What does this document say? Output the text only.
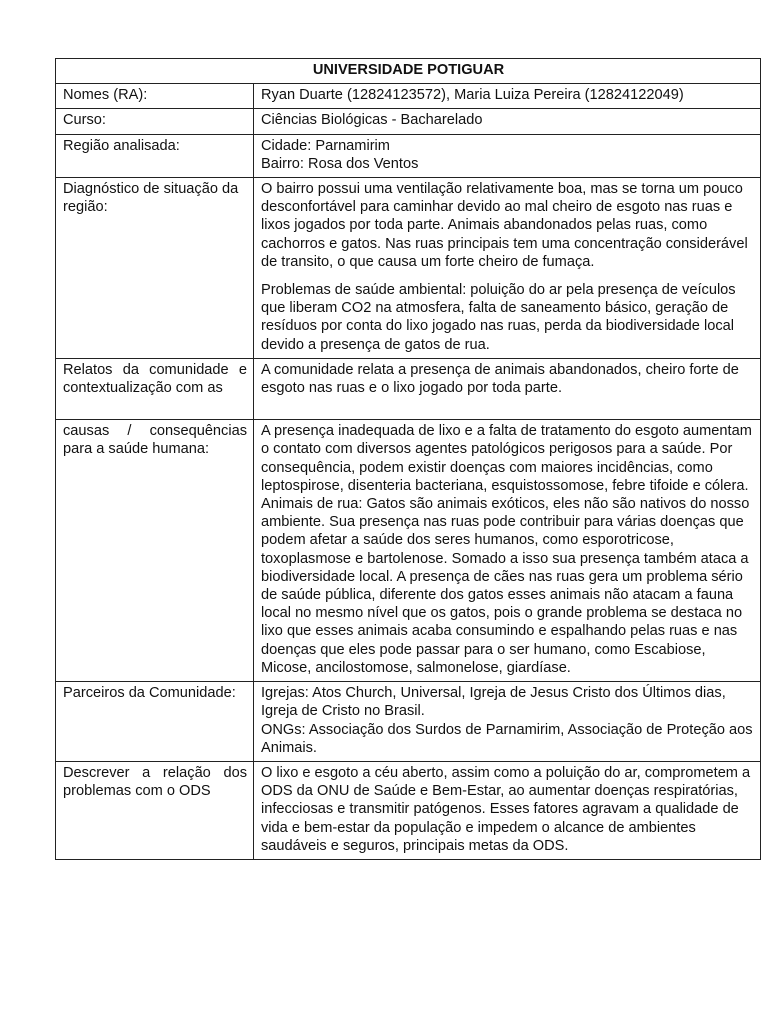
UNIVERSIDADE POTIGUAR	
Nomes (RA):	Ryan Duarte (12824123572), Maria Luiza Pereira (12824122049)
Curso:	Ciências Biológicas - Bacharelado
Região analisada:	Cidade: Parnamirim
Bairro: Rosa dos Ventos

Diagnóstico de situação da região:	O bairro possui uma ventilação relativamente boa, mas se torna um pouco desconfortável para caminhar devido ao mal cheiro de esgoto nas ruas e lixos jogados por toda parte. Animais abandonados pelas ruas, como cachorros e gatos. Nas ruas principais tem uma concentração considerável de transito, o que causa um forte cheiro de fumaça.
Problemas de saúde ambiental: poluição do ar pela presença de veículos que liberam CO2 na atmosfera, falta de saneamento básico, geração de resíduos por conta do lixo jogado nas ruas, perda da biodiversidade local devido a presença de gatos de rua.

Relatos da comunidade e
contextualização com as	A comunidade relata a presença de animais abandonados, cheiro forte de esgoto nas ruas e o lixo jogado por toda parte.

causas / consequências
para a saúde humana:	A presença inadequada de lixo e a falta de tratamento do esgoto aumentam o contato com diversos agentes patológicos perigosos para a saúde. Por consequência, podem existir doenças com maiores incidências, como leptospirose, disenteria bacteriana, esquistossomose, febre tifoide e cólera. Animais de rua: Gatos são animais exóticos, eles não são nativos do nosso ambiente. Sua presença nas ruas pode contribuir para várias doenças que podem afetar a saúde dos seres humanos, como esporotricose, toxoplasmose e bartolenose. Somado a isso sua presença também ataca a biodiversidade local. A presença de cães nas ruas gera um problema sério de saúde pública, diferente dos gatos esses animais não atacam a fauna local no mesmo nível que os gatos, pois o grande problema se destaca no lixo que esses animais acaba consumindo e espalhando pelas ruas e nas doenças que eles pode passar para o ser humano, como Escabiose, Micose, ancilostomose, salmonelose, giardíase.
Parceiros da Comunidade:	Igrejas: Atos Church, Universal, Igreja de Jesus Cristo dos Últimos dias, Igreja de Cristo no Brasil.
ONGs: Associação dos Surdos de Parnamirim, Associação de Proteção aos Animais.

Descrever a relação dos
problemas com o ODS	O lixo e esgoto a céu aberto, assim como a poluição do ar, comprometem a ODS da ONU de Saúde e Bem-Estar, ao aumentar doenças respiratórias, infecciosas e transmitir patógenos. Esses fatores agravam a qualidade de vida e bem-estar da população e impedem o alcance de ambientes saudáveis e seguros, principais metas da ODS.
